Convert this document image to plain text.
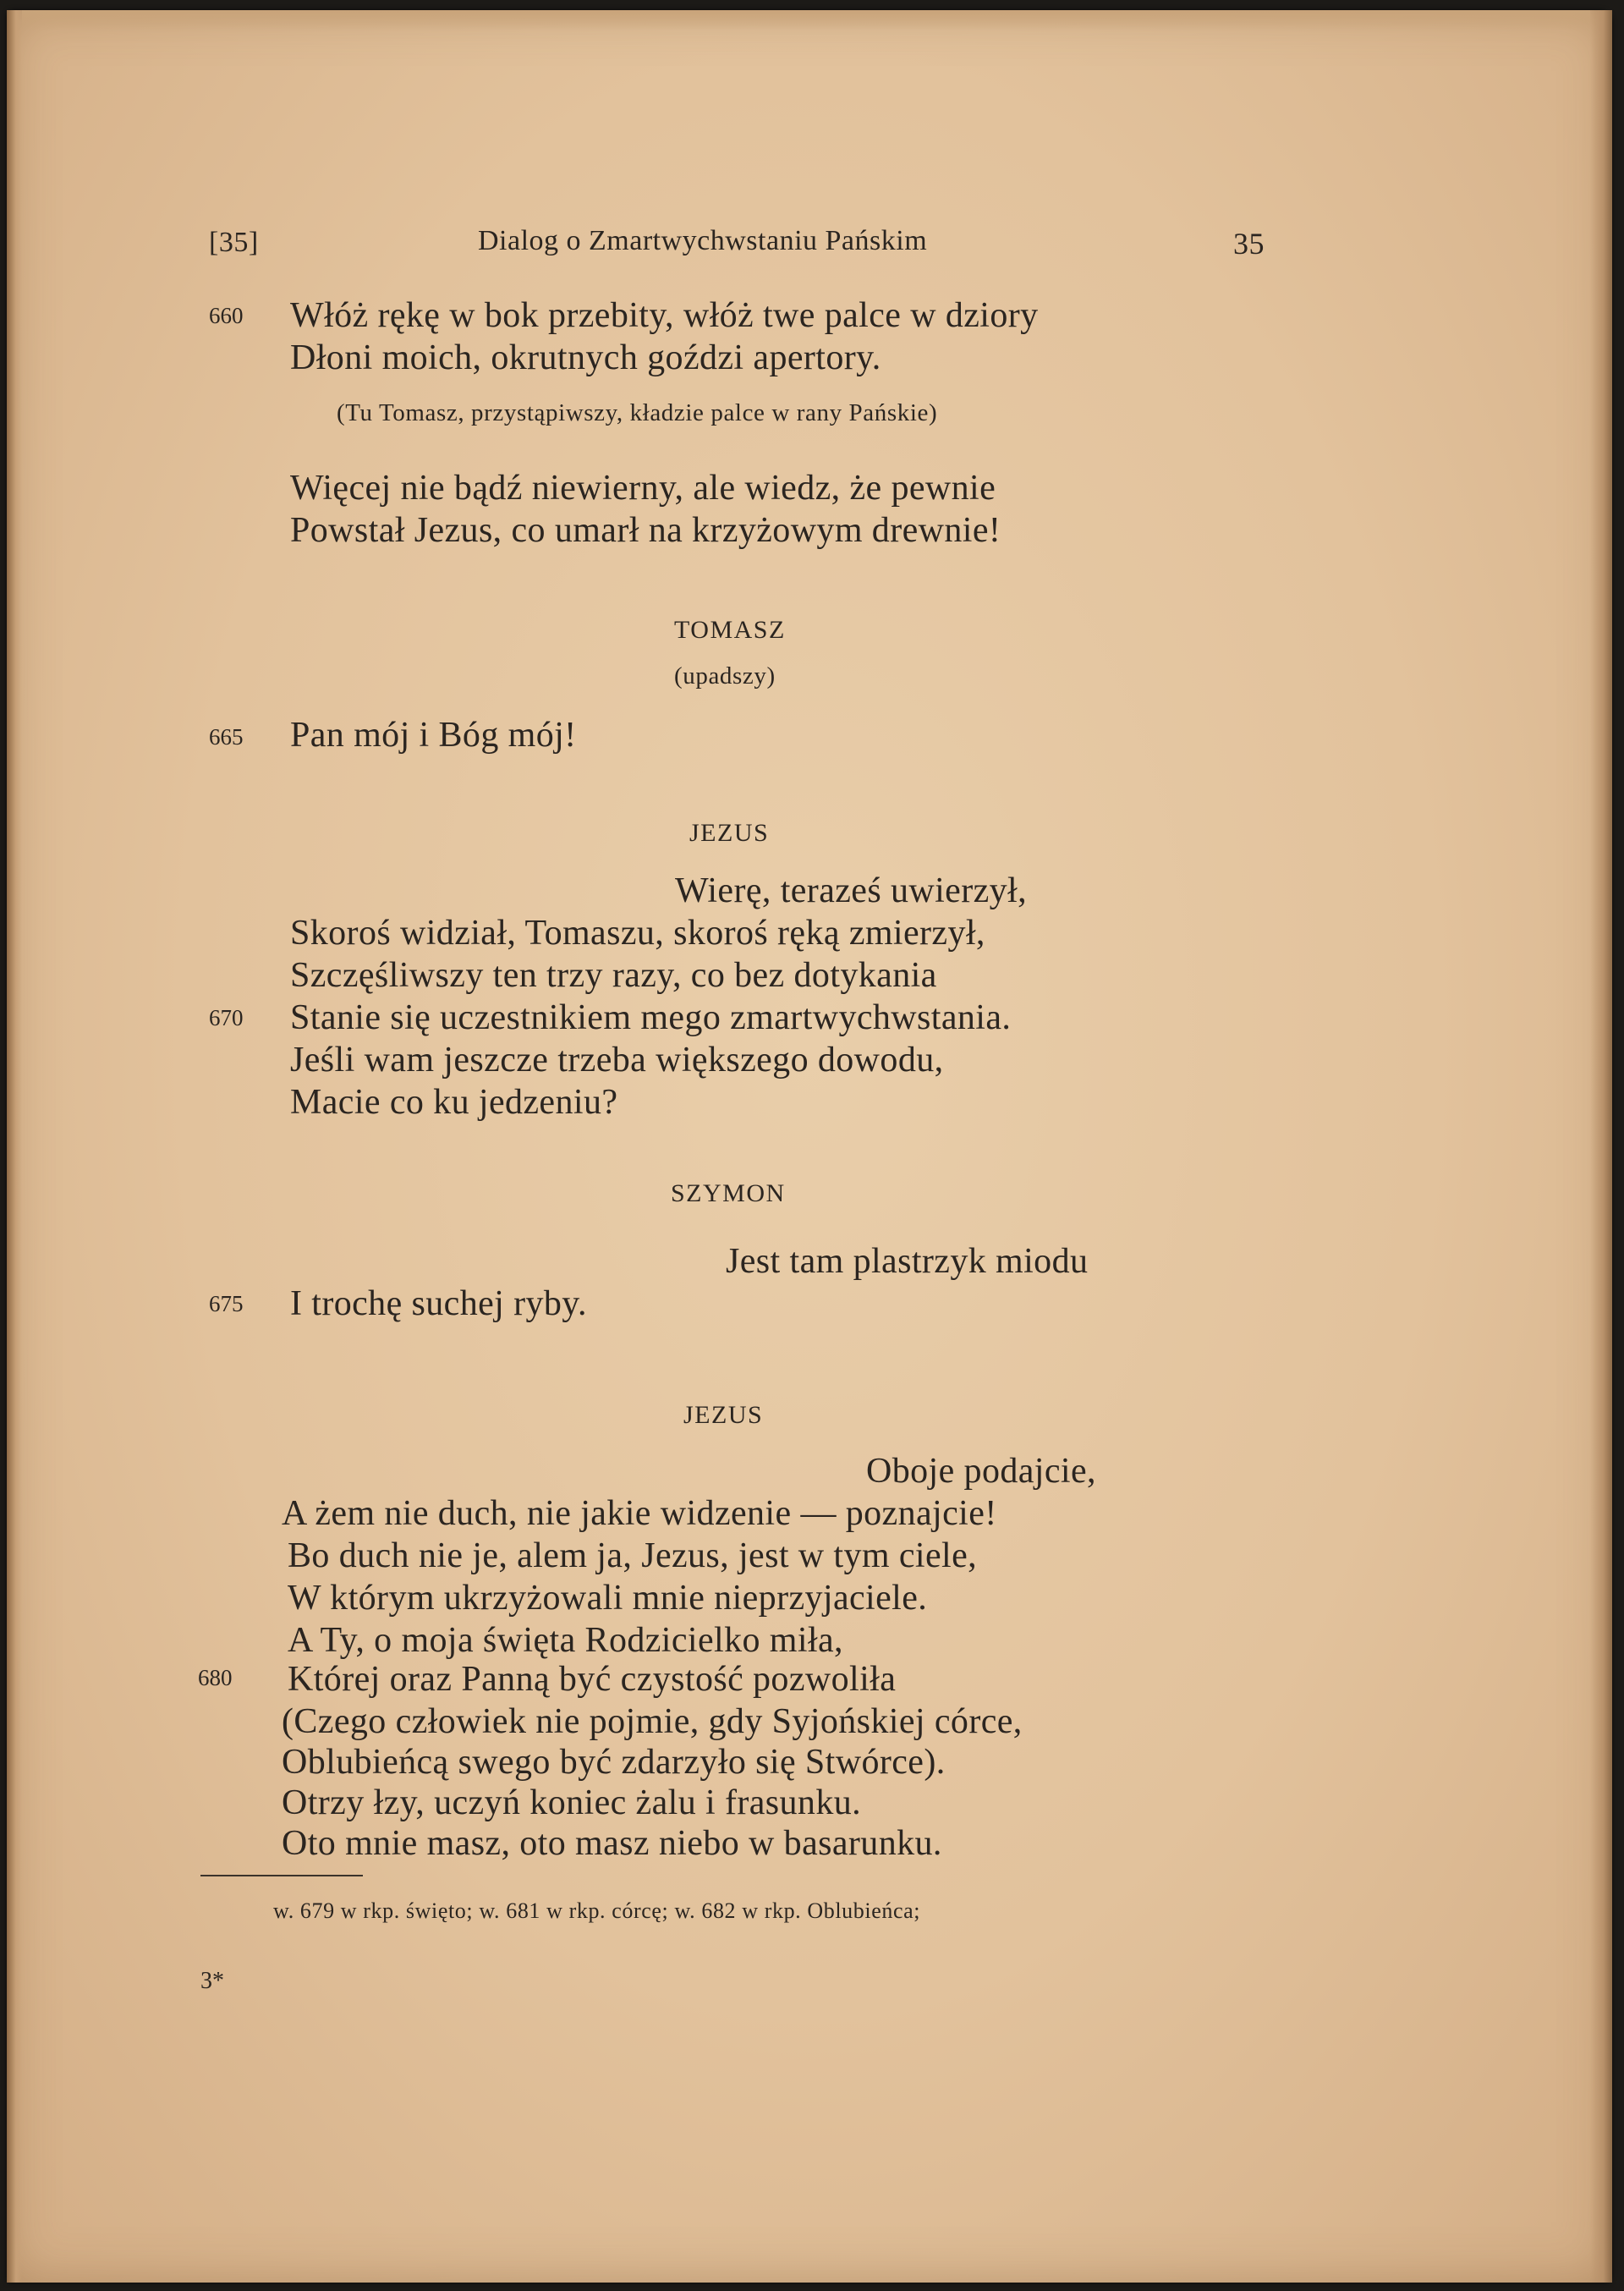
[35]	Dialog o Zmartwychwstaniu Pańskim	35
660
665
670
675
680
Włóż rękę w bok przebity, włóż twe palce w dziory
Dłoni moich, okrutnych goździ apertory.
(Tu Tomasz, przystąpiwszy, kładzie palce w rany Pańskie)
Więcej nie bądź niewierny, ale wiedz, że pewnie
Powstał Jezus, co umarł na krzyżowym drewnie!
TOMASZ
(upadszy)
Pan mój i Bóg mój!
JEZUS
Wierę, teraześ uwierzył,
Skoroś widział, Tomaszu, skoroś ręką zmierzył,
Szczęśliwszy ten trzy razy, co bez dotykania
Stanie się uczestnikiem mego zmartwychwstania.
Jeśli wam jeszcze trzeba większego dowodu,
Macie co ku jedzeniu?
SZYMON
Jest tam plastrzyk miodu
I trochę suchej ryby.
JEZUS
Oboje podajcie,
A żem nie duch, nie jakie widzenie — poznajcie!
Bo duch nie je, alem ja, Jezus, jest w tym ciele,
W którym ukrzyżowali mnie nieprzyjaciele.
A Ty, o moja święta Rodzicielko miła,
Której oraz Panną być czystość pozwoliła
(Czego człowiek nie pojmie, gdy Syjońskiej córce,
Oblubieńcą swego być zdarzyło się Stwórce).
Otrzy łzy, uczyń koniec żalu i frasunku.
Oto mnie masz, oto masz niebo w basarunku.
w. 679 w rkp. święto; w. 681 w rkp. córcę; w. 682 w rkp. Oblubieńca;
3*
